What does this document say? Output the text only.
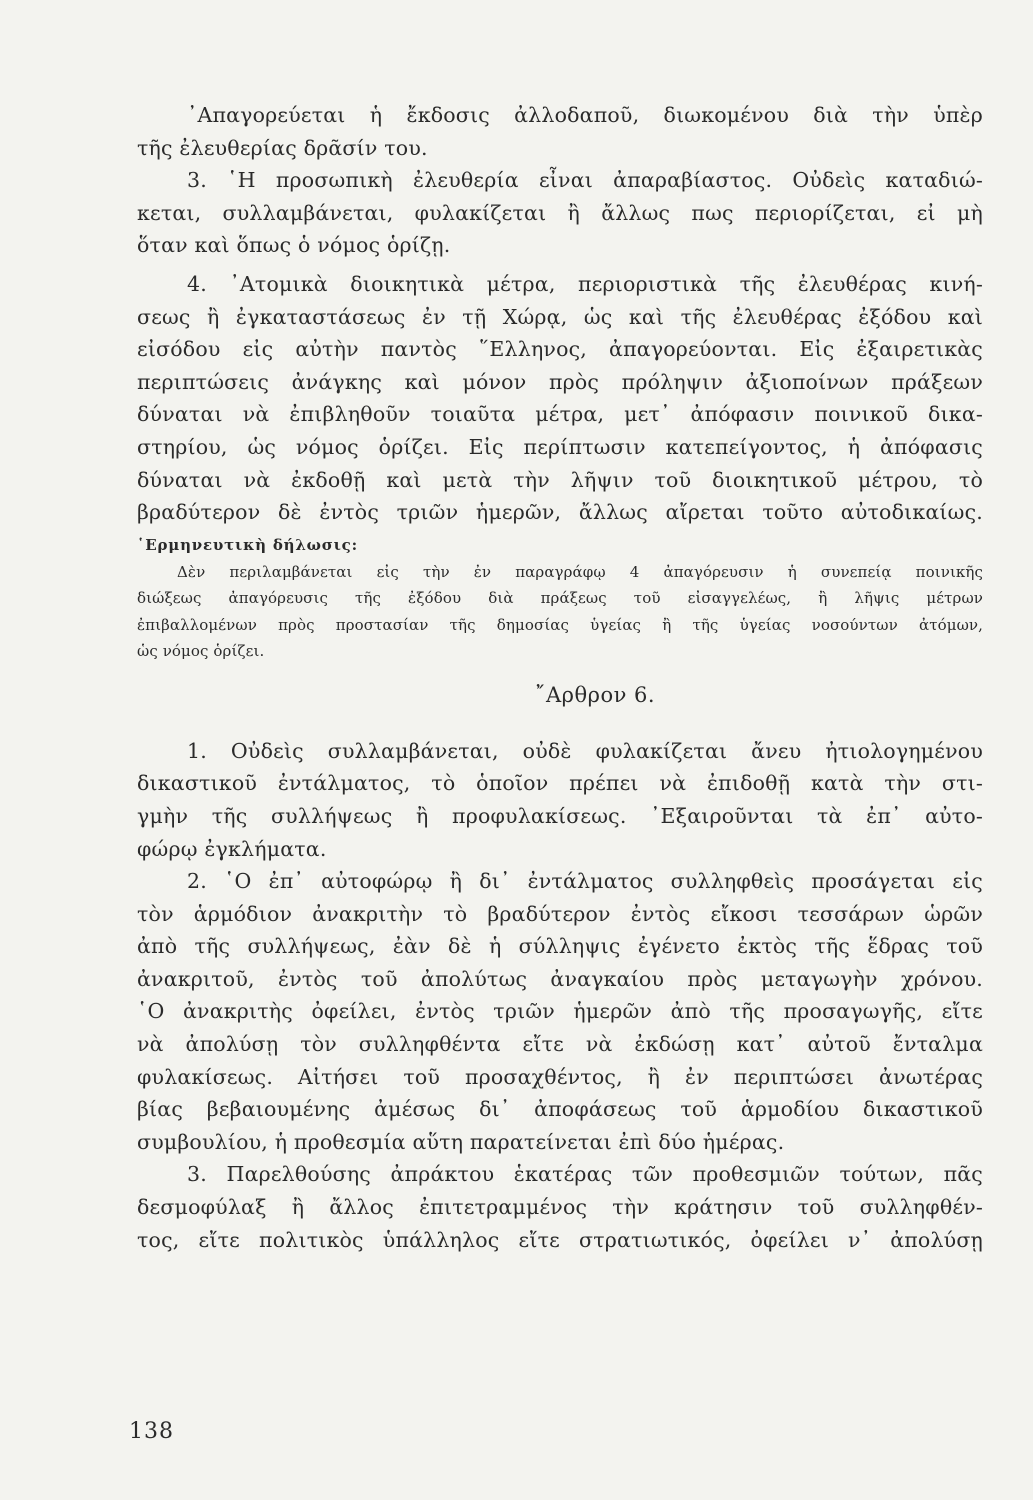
᾿Απαγορεύεται ἡ ἔκδοσις ἀλλοδαποῦ, διωκομένου διὰ τὴν ὑπὲρ
τῆς ἐλευθερίας δρᾶσίν του.
3. ῾Η προσωπικὴ ἐλευθερία εἶναι ἀπαραβίαστος. Οὐδεὶς καταδιώ-
κεται, συλλαμβάνεται, φυλακίζεται ἢ ἄλλως πως περιορίζεται, εἰ μὴ
ὅταν καὶ ὅπως ὁ νόμος ὁρίζῃ.
4. ᾿Ατομικὰ διοικητικὰ μέτρα, περιοριστικὰ τῆς ἐλευθέρας κινή-
σεως ἢ ἐγκαταστάσεως ἐν τῇ Χώρᾳ, ὡς καὶ τῆς ἐλευθέρας ἐξόδου καὶ
εἰσόδου εἰς αὐτὴν παντὸς ῞Ελληνος, ἀπαγορεύονται. Εἰς ἐξαιρετικὰς
περιπτώσεις ἀνάγκης καὶ μόνον πρὸς πρόληψιν ἀξιοποίνων πράξεων
δύναται νὰ ἐπιβληθοῦν τοιαῦτα μέτρα, μετ᾿ ἀπόφασιν ποινικοῦ δικα-
στηρίου, ὡς νόμος ὁρίζει. Εἰς περίπτωσιν κατεπείγοντος, ἡ ἀπόφασις
δύναται νὰ ἐκδοθῇ καὶ μετὰ τὴν λῆψιν τοῦ διοικητικοῦ μέτρου, τὸ
βραδύτερον δὲ ἐντὸς τριῶν ἡμερῶν, ἄλλως αἴρεται τοῦτο αὐτοδικαίως.
῾Ερμηνευτικὴ δήλωσις:
Δὲν περιλαμβάνεται εἰς τὴν ἐν παραγράφῳ 4 ἀπαγόρευσιν ἡ συνεπείᾳ ποινικῆς
διώξεως ἀπαγόρευσις τῆς ἐξόδου διὰ πράξεως τοῦ εἰσαγγελέως, ἢ λῆψις μέτρων
ἐπιβαλλομένων πρὸς προστασίαν τῆς δημοσίας ὑγείας ἢ τῆς ὑγείας νοσούντων ἀτόμων,
ὡς νόμος ὁρίζει.
῎Αρθρον 6.
1. Οὐδεὶς συλλαμβάνεται, οὐδὲ φυλακίζεται ἄνευ ἠτιολογημένου
δικαστικοῦ ἐντάλματος, τὸ ὁποῖον πρέπει νὰ ἐπιδοθῇ κατὰ τὴν στι-
γμὴν τῆς συλλήψεως ἢ προφυλακίσεως. ᾿Εξαιροῦνται τὰ ἐπ᾿ αὐτο-
φώρῳ ἐγκλήματα.
2. ῾Ο ἐπ᾿ αὐτοφώρῳ ἢ δι᾿ ἐντάλματος συλληφθεὶς προσάγεται εἰς
τὸν ἁρμόδιον ἀνακριτὴν τὸ βραδύτερον ἐντὸς εἴκοσι τεσσάρων ὡρῶν
ἀπὸ τῆς συλλήψεως, ἐὰν δὲ ἡ σύλληψις ἐγένετο ἐκτὸς τῆς ἕδρας τοῦ
ἀνακριτοῦ, ἐντὸς τοῦ ἀπολύτως ἀναγκαίου πρὸς μεταγωγὴν χρόνου.
῾Ο ἀνακριτὴς ὀφείλει, ἐντὸς τριῶν ἡμερῶν ἀπὸ τῆς προσαγωγῆς, εἴτε
νὰ ἀπολύσῃ τὸν συλληφθέντα εἴτε νὰ ἐκδώσῃ κατ᾿ αὐτοῦ ἔνταλμα
φυλακίσεως. Αἰτήσει τοῦ προσαχθέντος, ἢ ἐν περιπτώσει ἀνωτέρας
βίας βεβαιουμένης ἀμέσως δι᾿ ἀποφάσεως τοῦ ἁρμοδίου δικαστικοῦ
συμβουλίου, ἡ προθεσμία αὕτη παρατείνεται ἐπὶ δύο ἡμέρας.
3. Παρελθούσης ἀπράκτου ἑκατέρας τῶν προθεσμιῶν τούτων, πᾶς
δεσμοφύλαξ ἢ ἄλλος ἐπιτετραμμένος τὴν κράτησιν τοῦ συλληφθέν-
τος, εἴτε πολιτικὸς ὑπάλληλος εἴτε στρατιωτικός, ὀφείλει ν᾿ ἀπολύσῃ
138
